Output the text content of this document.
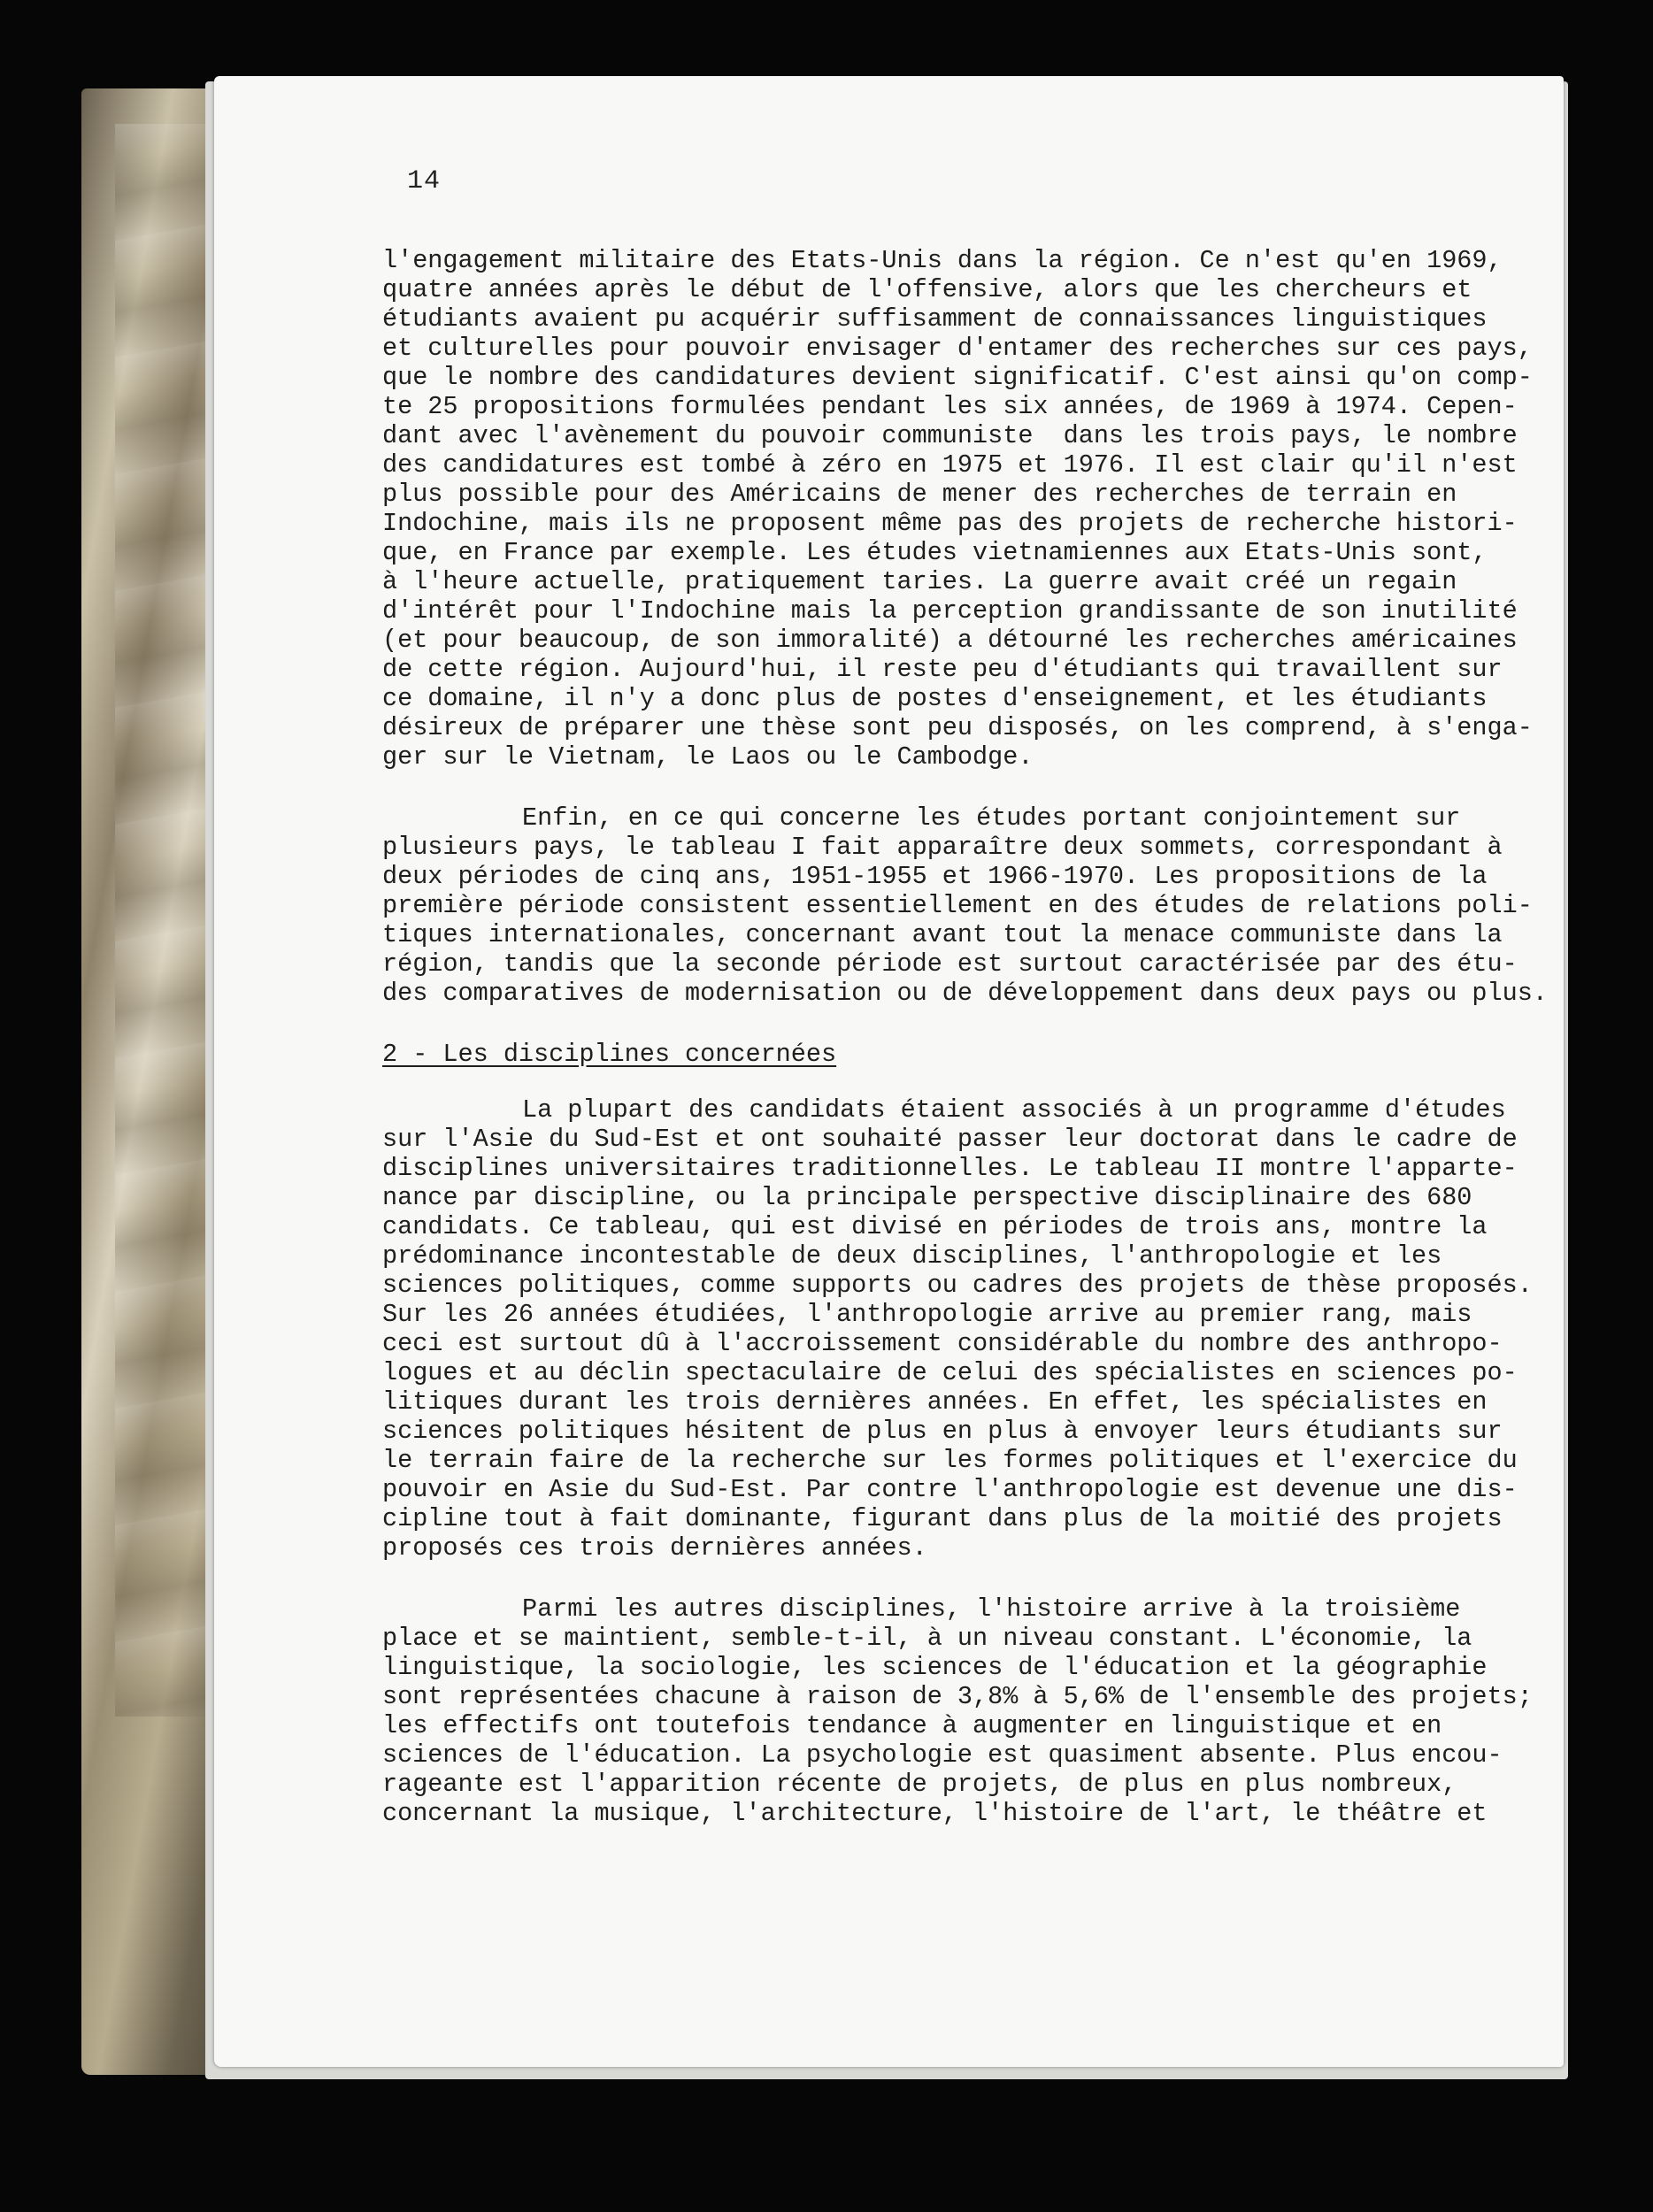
14
l'engagement militaire des Etats-Unis dans la région. Ce n'est qu'en 1969,
quatre années après le début de l'offensive, alors que les chercheurs et
étudiants avaient pu acquérir suffisamment de connaissances linguistiques
et culturelles pour pouvoir envisager d'entamer des recherches sur ces pays,
que le nombre des candidatures devient significatif. C'est ainsi qu'on comp-
te 25 propositions formulées pendant les six années, de 1969 à 1974. Cepen-
dant avec l'avènement du pouvoir communiste  dans les trois pays, le nombre
des candidatures est tombé à zéro en 1975 et 1976. Il est clair qu'il n'est
plus possible pour des Américains de mener des recherches de terrain en
Indochine, mais ils ne proposent même pas des projets de recherche histori-
que, en France par exemple. Les études vietnamiennes aux Etats-Unis sont,
à l'heure actuelle, pratiquement taries. La guerre avait créé un regain
d'intérêt pour l'Indochine mais la perception grandissante de son inutilité
(et pour beaucoup, de son immoralité) a détourné les recherches américaines
de cette région. Aujourd'hui, il reste peu d'étudiants qui travaillent sur
ce domaine, il n'y a donc plus de postes d'enseignement, et les étudiants
désireux de préparer une thèse sont peu disposés, on les comprend, à s'enga-
ger sur le Vietnam, le Laos ou le Cambodge.
Enfin, en ce qui concerne les études portant conjointement sur
plusieurs pays, le tableau I fait apparaître deux sommets, correspondant à
deux périodes de cinq ans, 1951-1955 et 1966-1970. Les propositions de la
première période consistent essentiellement en des études de relations poli-
tiques internationales, concernant avant tout la menace communiste dans la
région, tandis que la seconde période est surtout caractérisée par des étu-
des comparatives de modernisation ou de développement dans deux pays ou plus.
2 - Les disciplines concernées
La plupart des candidats étaient associés à un programme d'études
sur l'Asie du Sud-Est et ont souhaité passer leur doctorat dans le cadre de
disciplines universitaires traditionnelles. Le tableau II montre l'apparte-
nance par discipline, ou la principale perspective disciplinaire des 680
candidats. Ce tableau, qui est divisé en périodes de trois ans, montre la
prédominance incontestable de deux disciplines, l'anthropologie et les
sciences politiques, comme supports ou cadres des projets de thèse proposés.
Sur les 26 années étudiées, l'anthropologie arrive au premier rang, mais
ceci est surtout dû à l'accroissement considérable du nombre des anthropo-
logues et au déclin spectaculaire de celui des spécialistes en sciences po-
litiques durant les trois dernières années. En effet, les spécialistes en
sciences politiques hésitent de plus en plus à envoyer leurs étudiants sur
le terrain faire de la recherche sur les formes politiques et l'exercice du
pouvoir en Asie du Sud-Est. Par contre l'anthropologie est devenue une dis-
cipline tout à fait dominante, figurant dans plus de la moitié des projets
proposés ces trois dernières années.
Parmi les autres disciplines, l'histoire arrive à la troisième
place et se maintient, semble-t-il, à un niveau constant. L'économie, la
linguistique, la sociologie, les sciences de l'éducation et la géographie
sont représentées chacune à raison de 3,8% à 5,6% de l'ensemble des projets;
les effectifs ont toutefois tendance à augmenter en linguistique et en
sciences de l'éducation. La psychologie est quasiment absente. Plus encou-
rageante est l'apparition récente de projets, de plus en plus nombreux,
concernant la musique, l'architecture, l'histoire de l'art, le théâtre et
